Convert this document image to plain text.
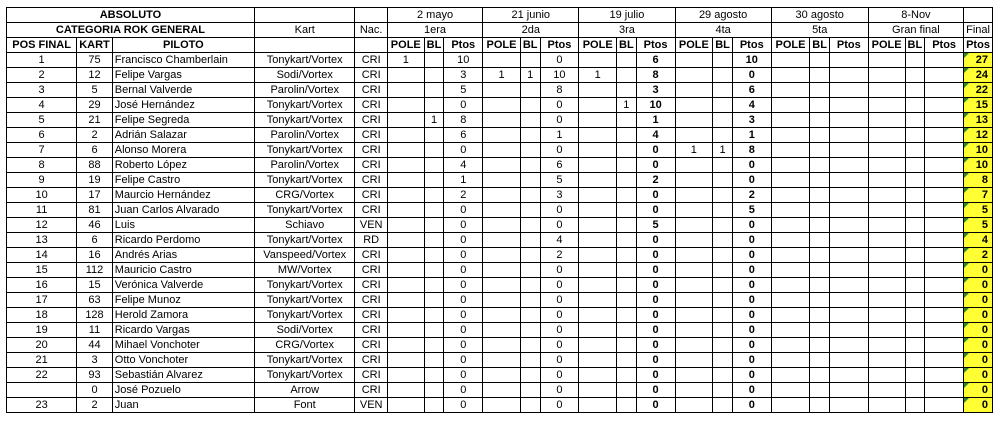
ABSOLUTO					2 mayo			21 junio			19 julio			29 agosto			30 agosto			8-Nov			
CATEGORIA ROK GENERAL			Kart	Nac.	1era			2da			3ra			4ta			5ta			Gran final			Final
POS FINAL	KART	PILOTO			POLE	BL	Ptos	POLE	BL	Ptos	POLE	BL	Ptos	POLE	BL	Ptos	POLE	BL	Ptos	POLE	BL	Ptos	Ptos
1	75	Francisco Chamberlain	Tonykart/Vortex	CRI	1		10			0			6			10							27
2	12	Felipe Vargas	Sodi/Vortex	CRI			3	1	1	10	1		8			0							24
3	5	Bernal Valverde	Parolin/Vortex	CRI			5			8			3			6							22
4	29	José Hernández	Tonykart/Vortex	CRI			0			0		1	10			4							15
5	21	Felipe Segreda	Tonykart/Vortex	CRI		1	8			0			1			3							13
6	2	Adrián Salazar	Parolin/Vortex	CRI			6			1			4			1							12
7	6	Alonso Morera	Tonykart/Vortex	CRI			0			0			0	1	1	8							10
8	88	Roberto López	Parolin/Vortex	CRI			4			6			0			0							10
9	19	Felipe Castro	Tonykart/Vortex	CRI			1			5			2			0							8
10	17	Maurcio Hernández	CRG/Vortex	CRI			2			3			0			2							7
11	81	Juan Carlos Alvarado	Tonykart/Vortex	CRI			0			0			0			5							5
12	46	Luis	Schiavo	VEN			0			0			5			0							5
13	6	Ricardo Perdomo	Tonykart/Vortex	RD			0			4			0			0							4
14	16	Andrés Arias	Vanspeed/Vortex	CRI			0			2			0			0							2
15	112	Mauricio Castro	MW/Vortex	CRI			0			0			0			0							0
16	15	Verónica Valverde	Tonykart/Vortex	CRI			0			0			0			0							0
17	63	Felipe Munoz	Tonykart/Vortex	CRI			0			0			0			0							0
18	128	Herold Zamora	Tonykart/Vortex	CRI			0			0			0			0							0
19	11	Ricardo Vargas	Sodi/Vortex	CRI			0			0			0			0							0
20	44	Mihael Vonchoter	CRG/Vortex	CRI			0			0			0			0							0
21	3	Otto Vonchoter	Tonykart/Vortex	CRI			0			0			0			0							0
22	93	Sebastián Alvarez	Tonykart/Vortex	CRI			0			0			0			0							0
	0	José Pozuelo	Arrow	CRI			0			0			0			0							0
23	2	Juan	Font	VEN			0			0			0			0							0
